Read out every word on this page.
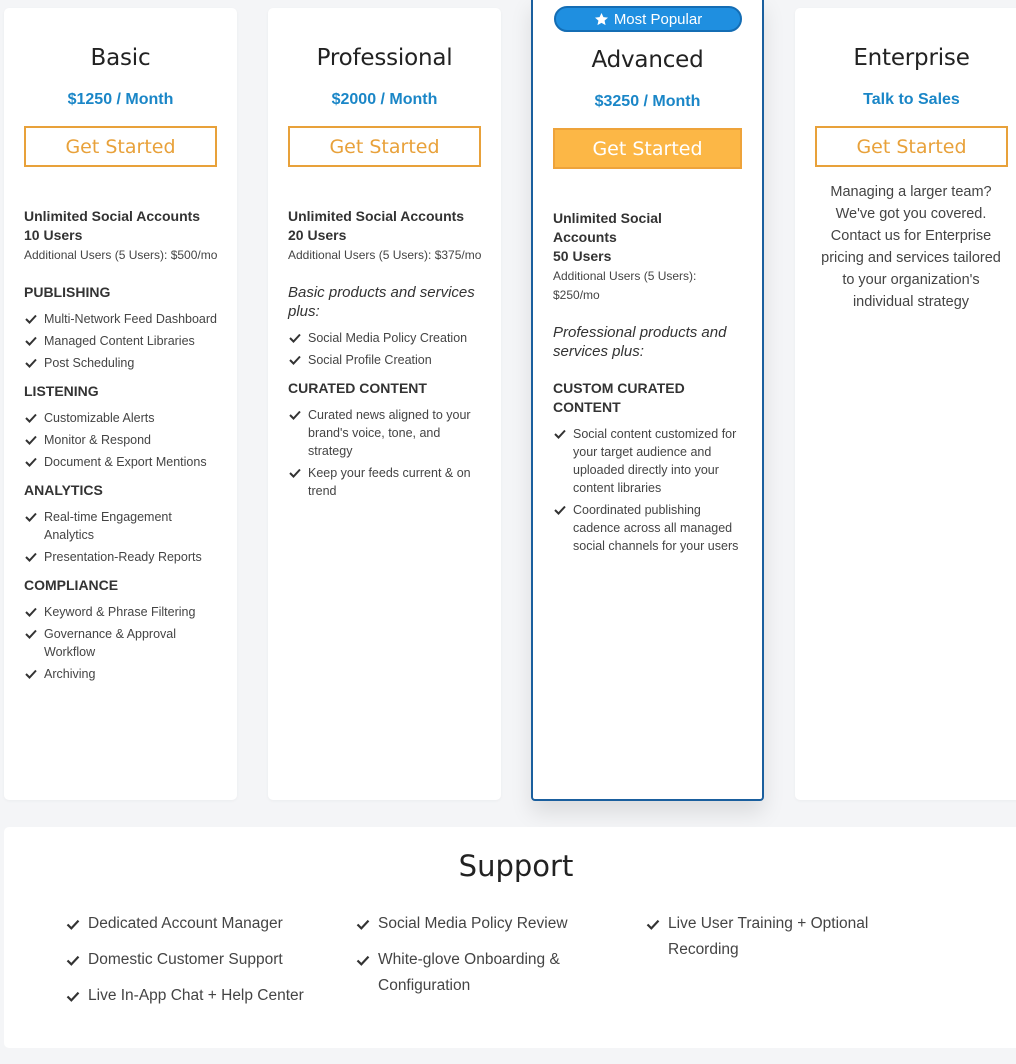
Basic
$1250 / Month
Get Started
Unlimited Social Accounts
10 Users
Additional Users (5 Users): $500/mo
PUBLISHING
Multi-Network Feed Dashboard
Managed Content Libraries
Post Scheduling
LISTENING
Customizable Alerts
Monitor & Respond
Document & Export Mentions
ANALYTICS
Real-time Engagement Analytics
Presentation-Ready Reports
COMPLIANCE
Keyword & Phrase Filtering
Governance & Approval Workflow
Archiving
Professional
$2000 / Month
Get Started
Unlimited Social Accounts
20 Users
Additional Users (5 Users): $375/mo
Basic products and services plus:
Social Media Policy Creation
Social Profile Creation
CURATED CONTENT
Curated news aligned to your brand's voice, tone, and strategy
Keep your feeds current & on trend
Most Popular
Advanced
$3250 / Month
Get Started
Unlimited Social Accounts
50 Users
Additional Users (5 Users): $250/mo
Professional products and services plus:
CUSTOM CURATED CONTENT
Social content customized for your target audience and uploaded directly into your content libraries
Coordinated publishing cadence across all managed social channels for your users
Enterprise
Talk to Sales
Get Started
Managing a larger team? We've got you covered. Contact us for Enterprise pricing and services tailored to your organization's individual strategy
Support
Dedicated Account Manager
Domestic Customer Support
Live In-App Chat + Help Center
Social Media Policy Review
White-glove Onboarding & Configuration
Live User Training + Optional Recording
